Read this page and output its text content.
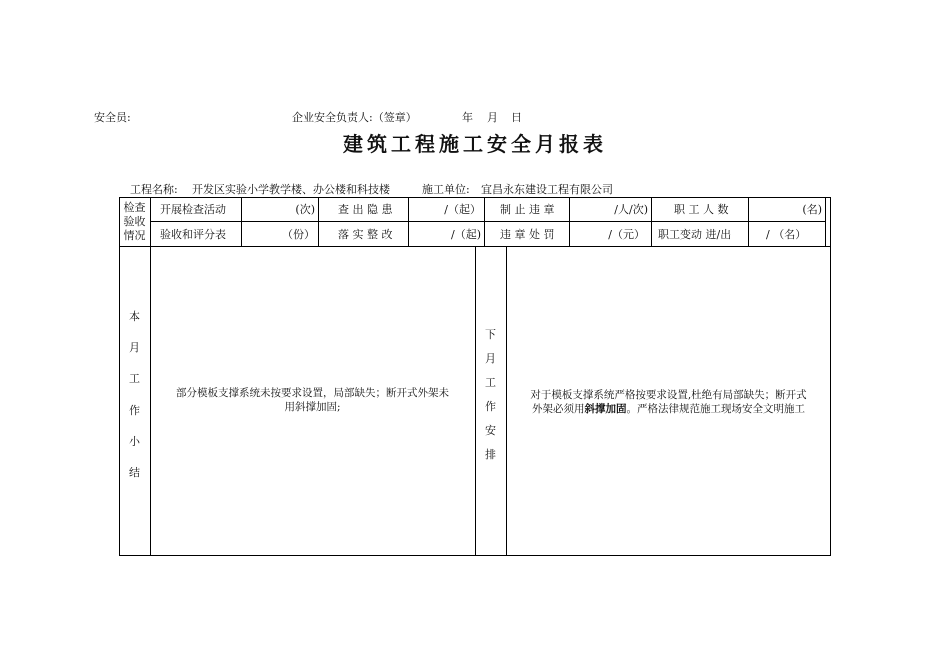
安全员:	企业安全负责人:（签章）	年 月 日
建筑工程施工安全月报表
工程名称: 开发区实验小学教学楼、办公楼和科技楼	施工单位: 宜昌永东建设工程有限公司
检查
验收
情况
开展检查活动	(次) 查 出 隐 患	/（起） 制 止 违 章	/人/次) 职 工 人 数	(名)
验收和评分表	（份） 落 实 整 改	/（起) 违 章 处 罚	/（元） 职工变动 进/出	/ （名）
本
月
工
作
小
结
部分模板支撑系统未按要求设置，局部缺失；断开式外架未
用斜撑加固;
下
月
工
作
安
排
对于模板支撑系统严格按要求设置,杜绝有局部缺失；断开式
外架必须用斜撑加固。严格法律规范施工现场安全文明施工
